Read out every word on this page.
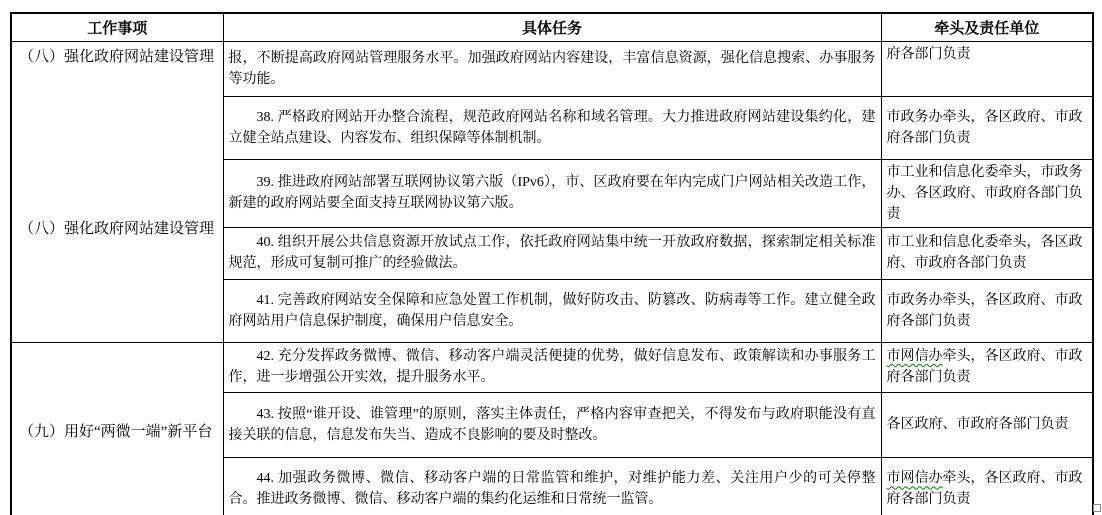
工作事项	具体任务	牵头及责任单位

（八）强化政府网站建设管理
（八）强化政府网站建设管理	报，不断提高政府网站管理服务水平。加强政府网站内容建设，丰富信息资源，强化信息搜索、办事服务等功能。	府各部门负责

	38. 严格政府网站开办整合流程，规范政府网站名称和域名管理。大力推进政府网站建设集约化，建立健全站点建设、内容发布、组织保障等体制机制。	市政务办牵头，各区政府、市政府各部门负责

	39. 推进政府网站部署互联网协议第六版（IPv6），市、区政府要在年内完成门户网站相关改造工作，新建的政府网站要全面支持互联网协议第六版。	市工业和信息化委牵头，市政务办、各区政府、市政府各部门负责

	40. 组织开展公共信息资源开放试点工作，依托政府网站集中统一开放政府数据，探索制定相关标准规范，形成可复制可推广的经验做法。	市工业和信息化委牵头，各区政府、市政府各部门负责

	41. 完善政府网站安全保障和应急处置工作机制，做好防攻击、防篡改、防病毒等工作。建立健全政府网站用户信息保护制度，确保用户信息安全。	市政务办牵头，各区政府、市政府各部门负责

（九）用好“两微一端”新平台	42. 充分发挥政务微博、微信、移动客户端灵活便捷的优势，做好信息发布、政策解读和办事服务工作，进一步增强公开实效，提升服务水平。	市网信办牵头，各区政府、市政府各部门负责

	43. 按照“谁开设、谁管理”的原则，落实主体责任，严格内容审查把关，不得发布与政府职能没有直接关联的信息，信息发布失当、造成不良影响的要及时整改。	各区政府、市政府各部门负责

	44. 加强政务微博、微信、移动客户端的日常监管和维护，对维护能力差、关注用户少的可关停整合。推进政务微博、微信、移动客户端的集约化运维和日常统一监管。	市网信办牵头，各区政府、市政府各部门负责
